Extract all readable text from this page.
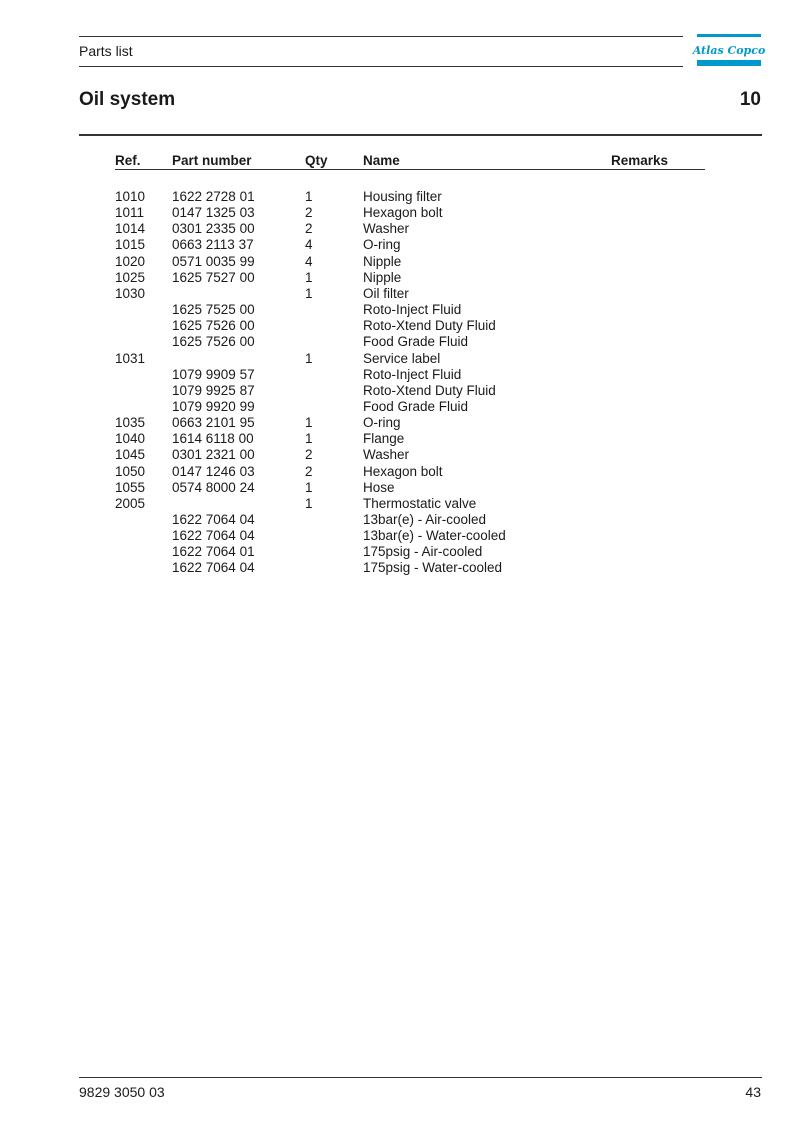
Parts list	Atlas Copco
Oil system	10
Ref. Part number	Qty	Name	Remarks
1010 1622 2728 01	1	Housing filter
1011 0147 1325 03	2	Hexagon bolt
1014 0301 2335 00	2	Washer
1015 0663 2113 37	4	O-ring
1020 0571 0035 99	4	Nipple
1025 1625 7527 00	1	Nipple
1030	1	Oil filter
1625 7525 00	Roto-Inject Fluid
1625 7526 00	Roto-Xtend Duty Fluid
1625 7526 00	Food Grade Fluid
1031	1	Service label
1079 9909 57	Roto-Inject Fluid
1079 9925 87	Roto-Xtend Duty Fluid
1079 9920 99	Food Grade Fluid
1035 0663 2101 95	1	O-ring
1040 1614 6118 00	1	Flange
1045 0301 2321 00	2	Washer
1050 0147 1246 03	2	Hexagon bolt
1055 0574 8000 24	1	Hose
2005	1	Thermostatic valve
1622 7064 04	13bar(e) - Air-cooled
1622 7064 04	13bar(e) - Water-cooled
1622 7064 01	175psig - Air-cooled
1622 7064 04	175psig - Water-cooled
9829 3050 03	43
